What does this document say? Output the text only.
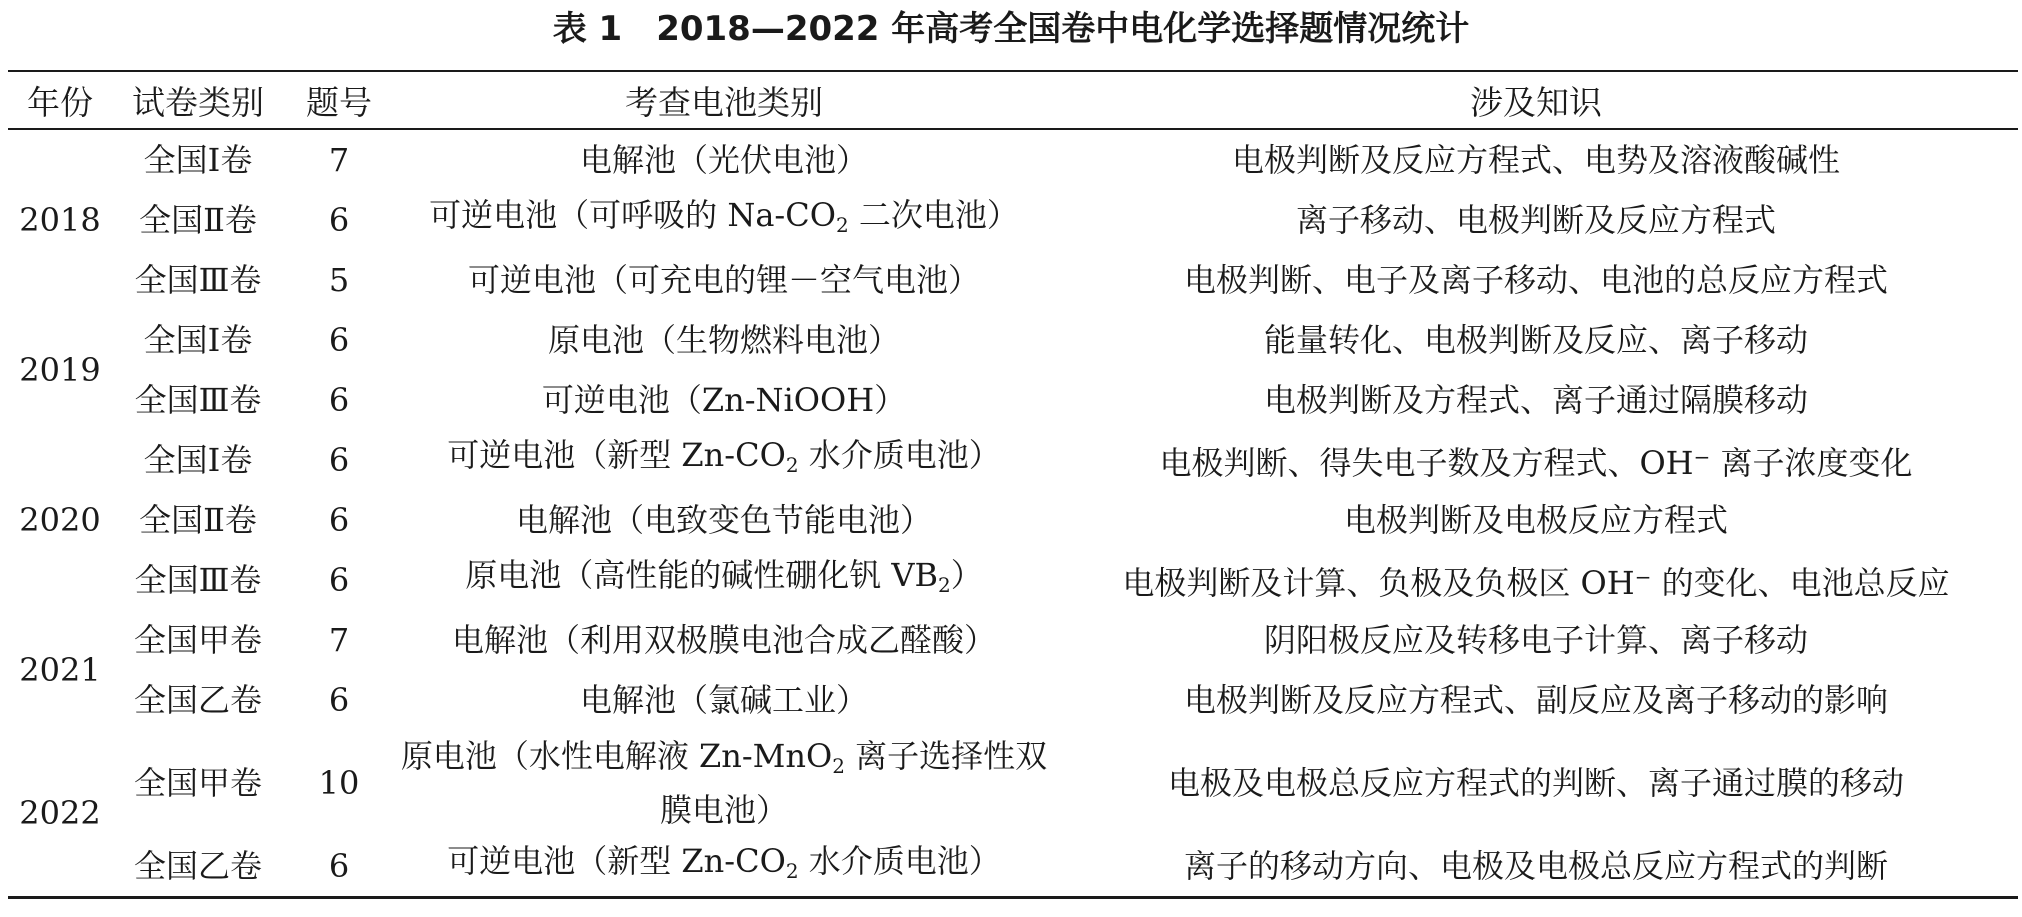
表 1　2018—2022 年高考全国卷中电化学选择题情况统计
年份	试卷类别	题号	考查电池类别	涉及知识
2018	全国Ⅰ卷	7	电解池（光伏电池）	电极判断及反应方程式、电势及溶液酸碱性
	全国Ⅱ卷	6	可逆电池（可呼吸的 $Na-CO_2$ 二次电池）	离子移动、电极判断及反应方程式
	全国Ⅲ卷	5	可逆电池（可充电的锂－空气电池）	电极判断、电子及离子移动、电池的总反应方程式
2019	全国Ⅰ卷	6	原电池（生物燃料电池）	能量转化、电极判断及反应、离子移动
	全国Ⅲ卷	6	可逆电池（Zn-NiOOH）	电极判断及方程式、离子通过隔膜移动
2020	全国Ⅰ卷	6	可逆电池（新型 $Zn-CO_2$ 水介质电池）	电极判断、得失电子数及方程式、OH− 离子浓度变化
	全国Ⅱ卷	6	电解池（电致变色节能电池）	电极判断及电极反应方程式
	全国Ⅲ卷	6	原电池（高性能的碱性硼化钒 $VB_2$）	电极判断及计算、负极及负极区 OH− 的变化、电池总反应
2021	全国甲卷	7	电解池（利用双极膜电池合成乙醛酸）	阴阳极反应及转移电子计算、离子移动
	全国乙卷	6	电解池（氯碱工业）	电极判断及反应方程式、副反应及离子移动的影响
2022	全国甲卷	10	原电池（水性电解液 Zn-MnO$_2$ 离子选择性双膜电池）	电极及电极总反应方程式的判断、离子通过膜的移动
	全国乙卷	6	可逆电池（新型 $Zn-CO_2$ 水介质电池）	离子的移动方向、电极及电极总反应方程式的判断
